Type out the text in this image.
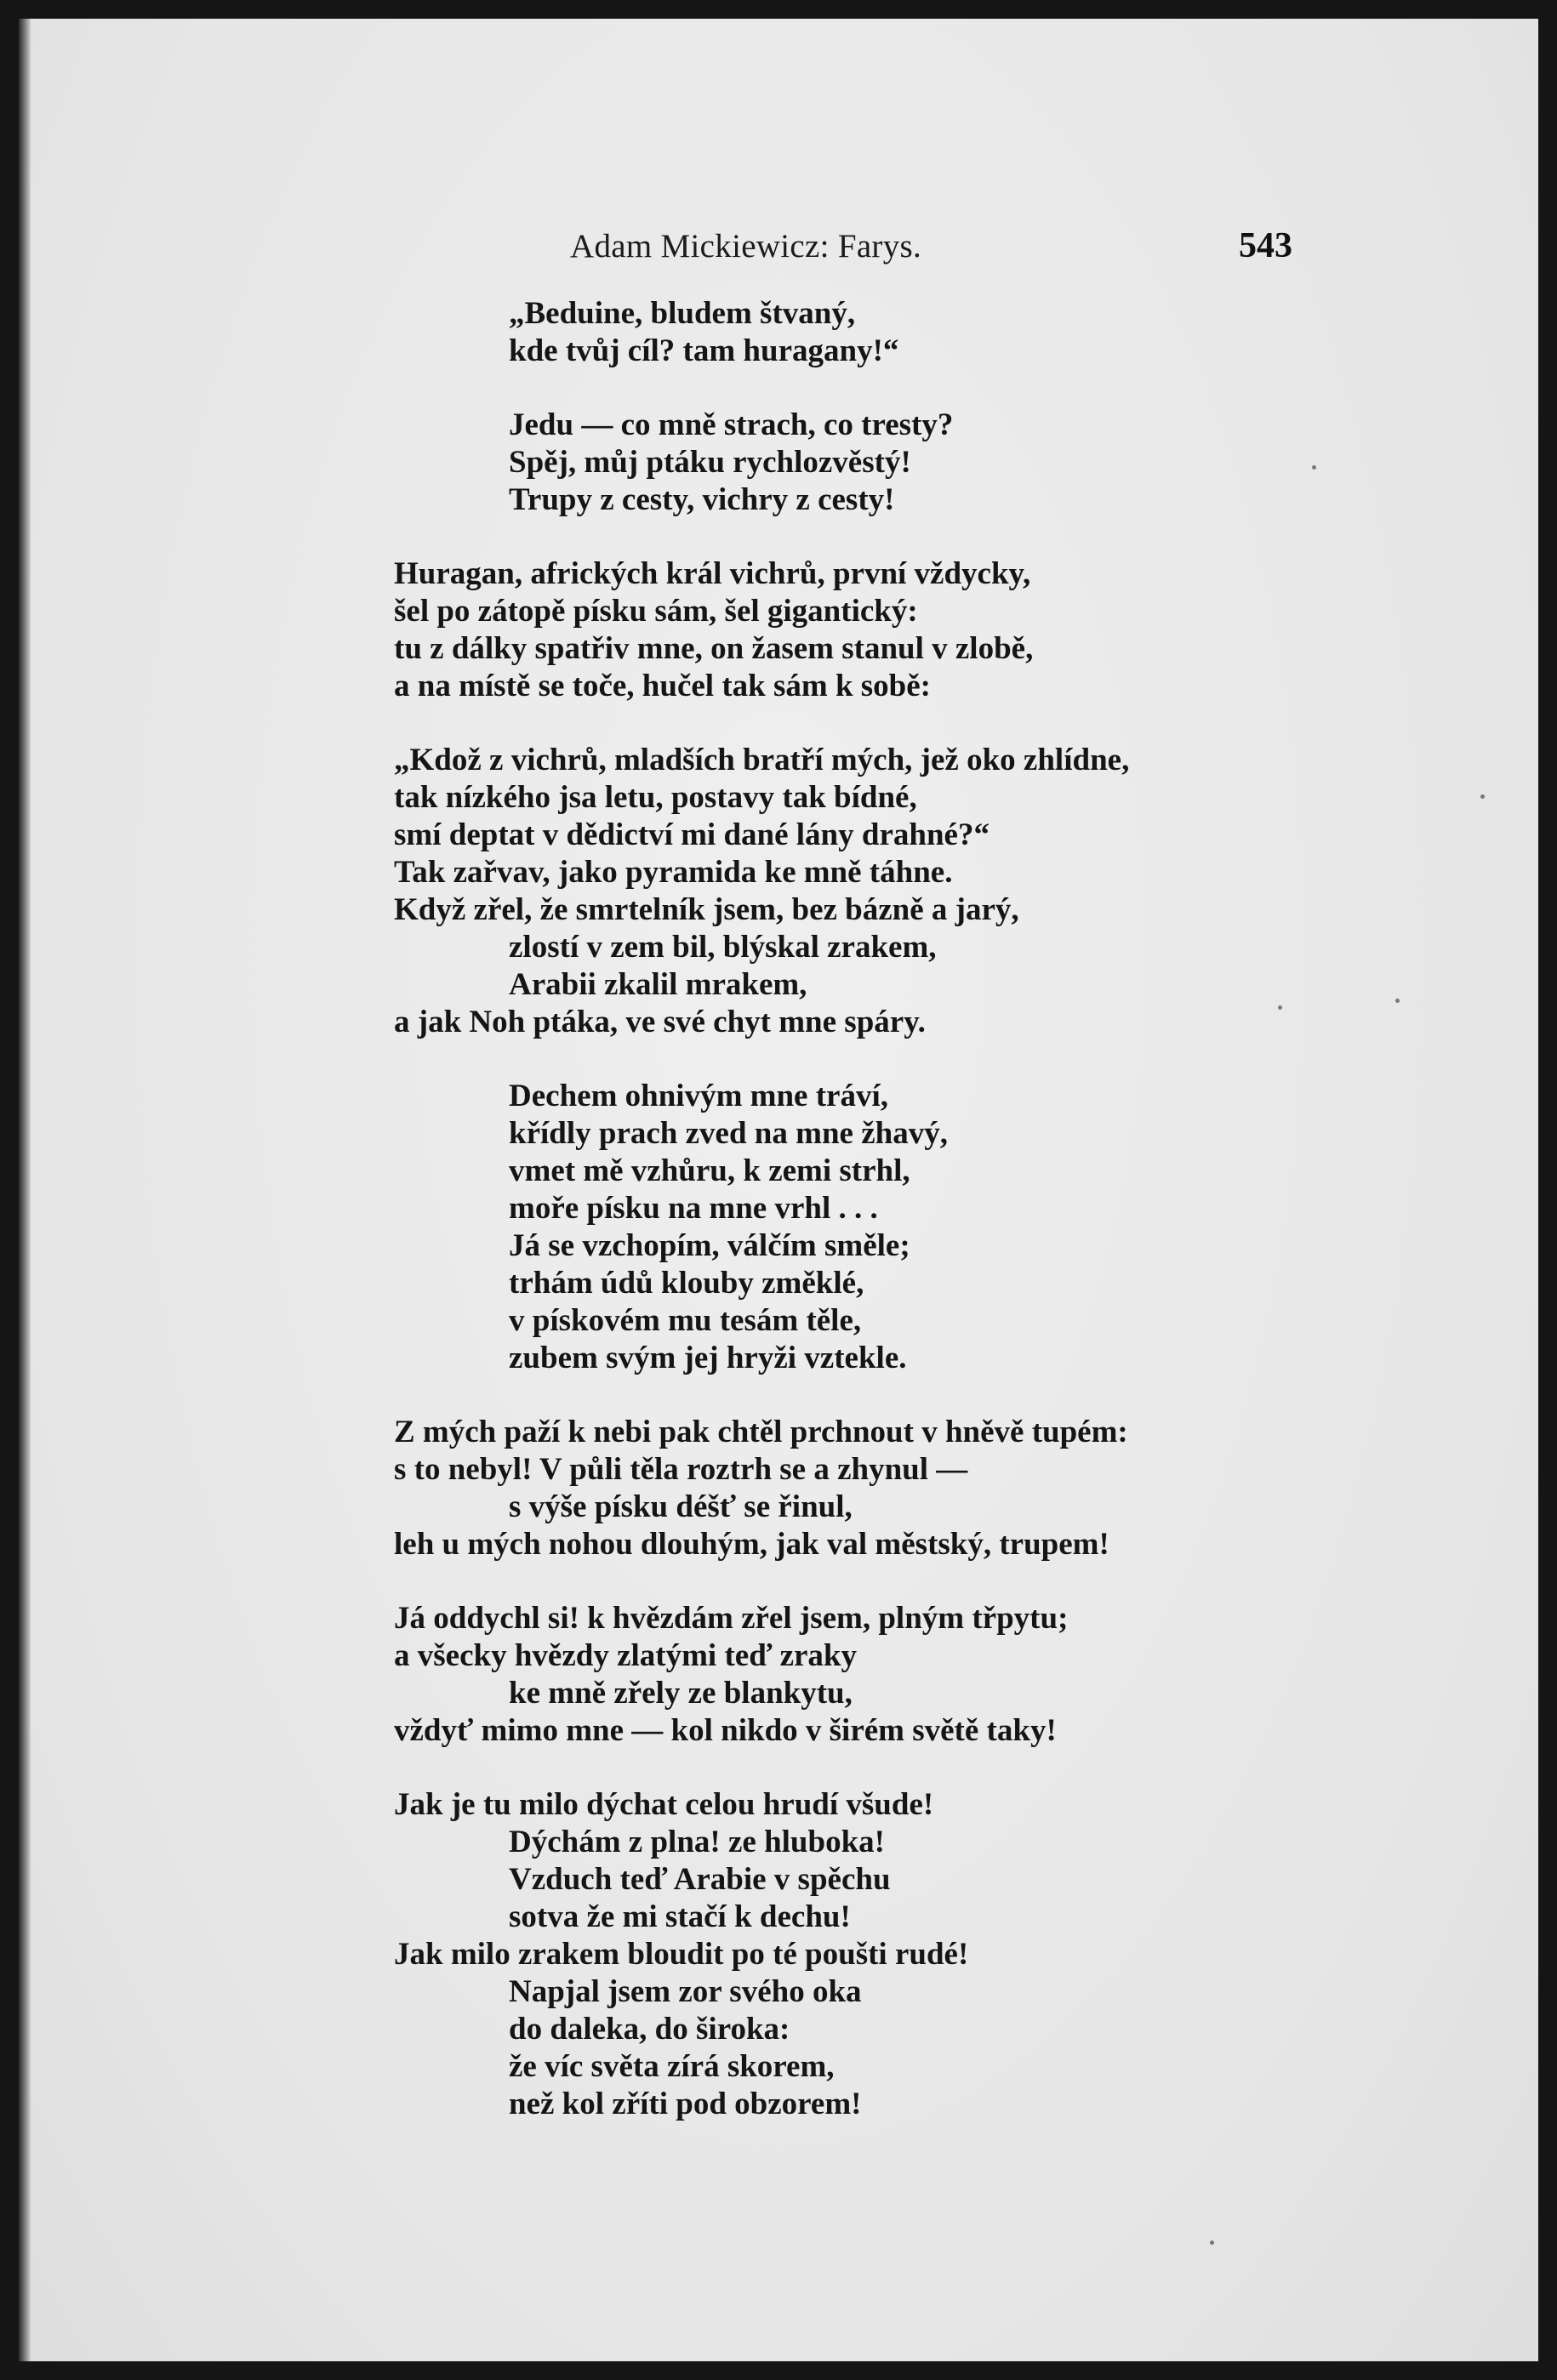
Adam Mickiewicz: Farys.	543
„Beduine, bludem štvaný,
kde tvůj cíl? tam huragany!“
Jedu — co mně strach, co tresty?
Spěj, můj ptáku rychlozvěstý!
Trupy z cesty, vichry z cesty!
Huragan, afrických král vichrů, první vždycky,
šel po zátopě písku sám, šel gigantický:
tu z dálky spatřiv mne, on žasem stanul v zlobě,
a na místě se toče, hučel tak sám k sobě:
„Kdož z vichrů, mladších bratří mých, jež oko zhlídne,
tak nízkého jsa letu, postavy tak bídné,
smí deptat v dědictví mi dané lány drahné?“
Tak zařvav, jako pyramida ke mně táhne.
Když zřel, že smrtelník jsem, bez bázně a jarý,
zlostí v zem bil, blýskal zrakem,
Arabii zkalil mrakem,
a jak Noh ptáka, ve své chyt mne spáry.
Dechem ohnivým mne tráví,
křídly prach zved na mne žhavý,
vmet mě vzhůru, k zemi strhl,
moře písku na mne vrhl . . .
Já se vzchopím, válčím směle;
trhám údů klouby změklé,
v pískovém mu tesám těle,
zubem svým jej hryži vztekle.
Z mých paží k nebi pak chtěl prchnout v hněvě tupém:
s to nebyl! V půli těla roztrh se a zhynul —
s výše písku déšť se řinul,
leh u mých nohou dlouhým, jak val městský, trupem!
Já oddychl si! k hvězdám zřel jsem, plným třpytu;
a všecky hvězdy zlatými teď zraky
ke mně zřely ze blankytu,
vždyť mimo mne — kol nikdo v širém světě taky!
Jak je tu milo dýchat celou hrudí všude!
Dýchám z plna! ze hluboka!
Vzduch teď Arabie v spěchu
sotva že mi stačí k dechu!
Jak milo zrakem bloudit po té poušti rudé!
Napjal jsem zor svého oka
do daleka, do široka:
že víc světa zírá skorem,
než kol zříti pod obzorem!
